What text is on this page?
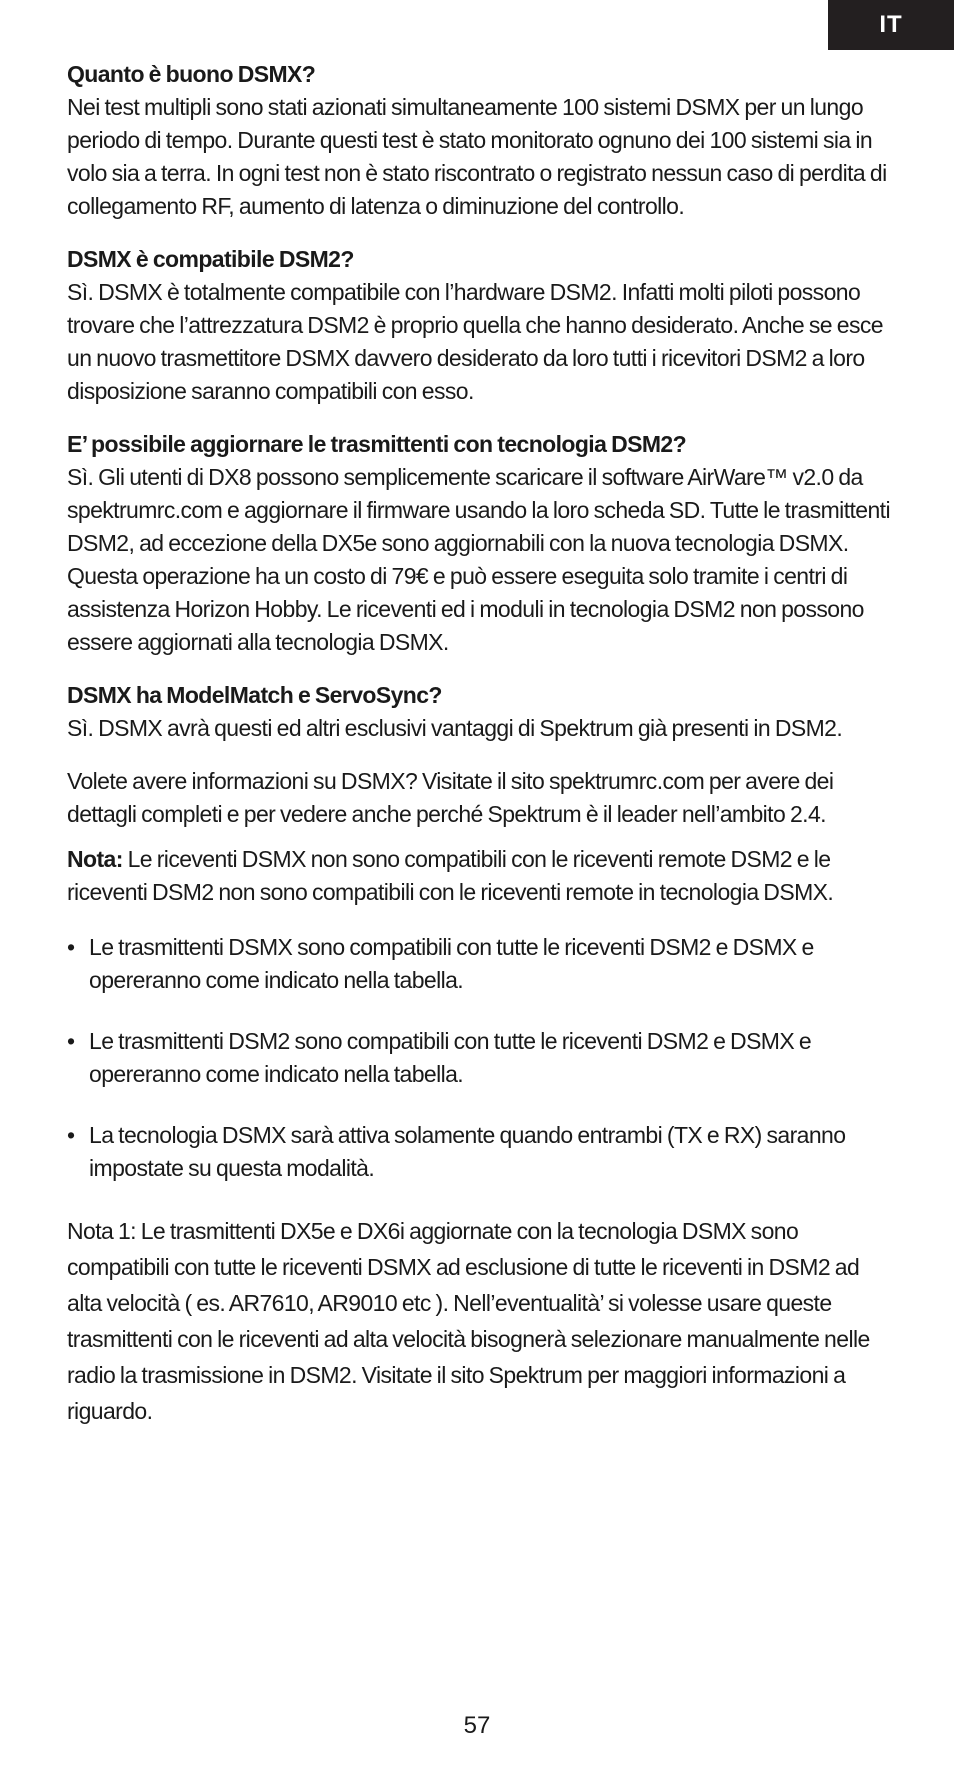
IT
Quanto è buono DSMX?

Nei test multipli sono stati azionati simultaneamente 100 sistemi DSMX per un lungo periodo di tempo. Durante questi test è stato monitorato ognuno dei 100 sistemi sia in volo sia a terra. In ogni test non è stato riscontrato o registrato nessun caso di perdita di collegamento RF, aumento di latenza o diminuzione del controllo.

DSMX è compatibile DSM2?

Sì. DSMX è totalmente compatibile con l’hardware DSM2. Infatti molti piloti possono trovare che l’attrezzatura DSM2 è proprio quella che hanno desiderato. Anche se esce un nuovo trasmettitore DSMX davvero desiderato da loro tutti i ricevitori DSM2 a loro disposizione saranno compatibili con esso.

E’ possibile aggiornare le trasmittenti con tecnologia DSM2?

Sì. Gli utenti di DX8 possono semplicemente scaricare il software AirWare™ v2.0 da spektrumrc.com e aggiornare il firmware usando la loro scheda SD. Tutte le trasmittenti DSM2, ad eccezione della DX5e sono aggiornabili con la nuova tecnologia DSMX. Questa operazione ha un costo di 79€ e può essere eseguita solo tramite i centri di assistenza Horizon Hobby. Le riceventi ed i moduli in tecnologia DSM2 non possono essere aggiornati alla tecnologia DSMX.

DSMX ha ModelMatch e ServoSync?

Sì. DSMX avrà questi ed altri esclusivi vantaggi di Spektrum già presenti in DSM2.

Volete avere informazioni su DSMX? Visitate il sito spektrumrc.com per avere dei dettagli completi e per vedere anche perché Spektrum è il leader nell’ambito 2.4.

Nota: Le riceventi DSMX non sono compatibili con le riceventi remote DSM2 e le riceventi DSM2 non sono compatibili con le riceventi remote in tecnologia DSMX.

• Le trasmittenti DSMX sono compatibili con tutte le riceventi DSM2 e DSMX e opereranno come indicato nella tabella.
• Le trasmittenti DSM2 sono compatibili con tutte le riceventi DSM2 e DSMX e opereranno come indicato nella tabella.
• La tecnologia DSMX sarà attiva solamente quando entrambi (TX e RX) saranno impostate su questa modalità.

Nota 1: Le trasmittenti DX5e e DX6i aggiornate con la tecnologia DSMX sono compatibili con tutte le riceventi DSMX ad esclusione di tutte le riceventi in DSM2 ad alta velocità ( es. AR7610, AR9010 etc ). Nell’eventualità’ si volesse usare queste trasmittenti con le riceventi ad alta velocità bisognerà selezionare manualmente nelle radio la trasmissione in DSM2. Visitate il sito Spektrum per maggiori informazioni a riguardo.

57
